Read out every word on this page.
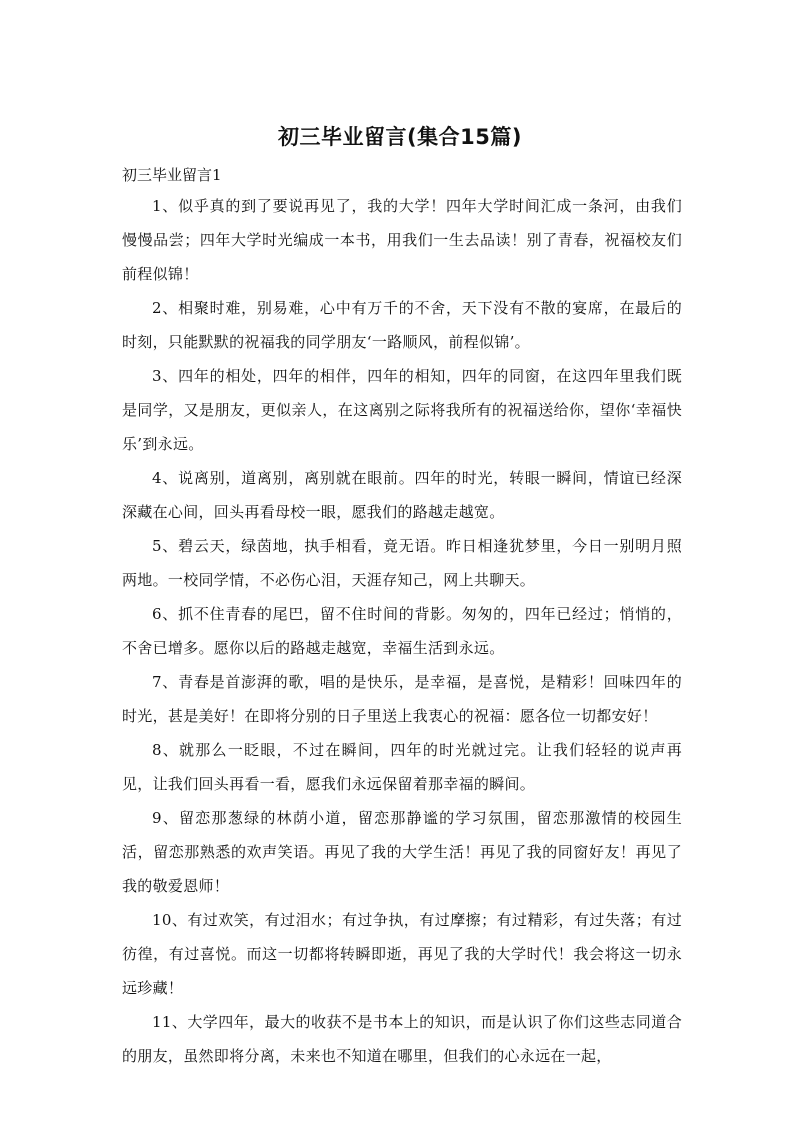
初三毕业留言(集合15篇)
初三毕业留言1

1、似乎真的到了要说再见了，我的大学！四年大学时间汇成一条河，由我们慢慢品尝；四年大学时光编成一本书，用我们一生去品读！别了青春，祝福校友们前程似锦！

2、相聚时难，别易难，心中有万千的不舍，天下没有不散的宴席，在最后的时刻，只能默默的祝福我的同学朋友‘一路顺风，前程似锦’。

3、四年的相处，四年的相伴，四年的相知，四年的同窗，在这四年里我们既是同学，又是朋友，更似亲人，在这离别之际将我所有的祝福送给你，望你‘幸福快乐’到永远。

4、说离别，道离别，离别就在眼前。四年的时光，转眼一瞬间，情谊已经深深藏在心间，回头再看母校一眼，愿我们的路越走越宽。

5、碧云天，绿茵地，执手相看，竟无语。昨日相逢犹梦里，今日一别明月照两地。一校同学情，不必伤心泪，天涯存知己，网上共聊天。

6、抓不住青春的尾巴，留不住时间的背影。匆匆的，四年已经过；悄悄的，不舍已增多。愿你以后的路越走越宽，幸福生活到永远。

7、青春是首澎湃的歌，唱的是快乐，是幸福，是喜悦，是精彩！回味四年的时光，甚是美好！在即将分别的日子里送上我衷心的祝福：愿各位一切都安好！

8、就那么一眨眼，不过在瞬间，四年的时光就过完。让我们轻轻的说声再见，让我们回头再看一看，愿我们永远保留着那幸福的瞬间。

9、留恋那葱绿的林荫小道，留恋那静谧的学习氛围，留恋那激情的校园生活，留恋那熟悉的欢声笑语。再见了我的大学生活！再见了我的同窗好友！再见了我的敬爱恩师！

10、有过欢笑，有过泪水；有过争执，有过摩擦；有过精彩，有过失落；有过彷徨，有过喜悦。而这一切都将转瞬即逝，再见了我的大学时代！我会将这一切永远珍藏！

11、大学四年，最大的收获不是书本上的知识，而是认识了你们这些志同道合的朋友，虽然即将分离，未来也不知道在哪里，但我们的心永远在一起，
